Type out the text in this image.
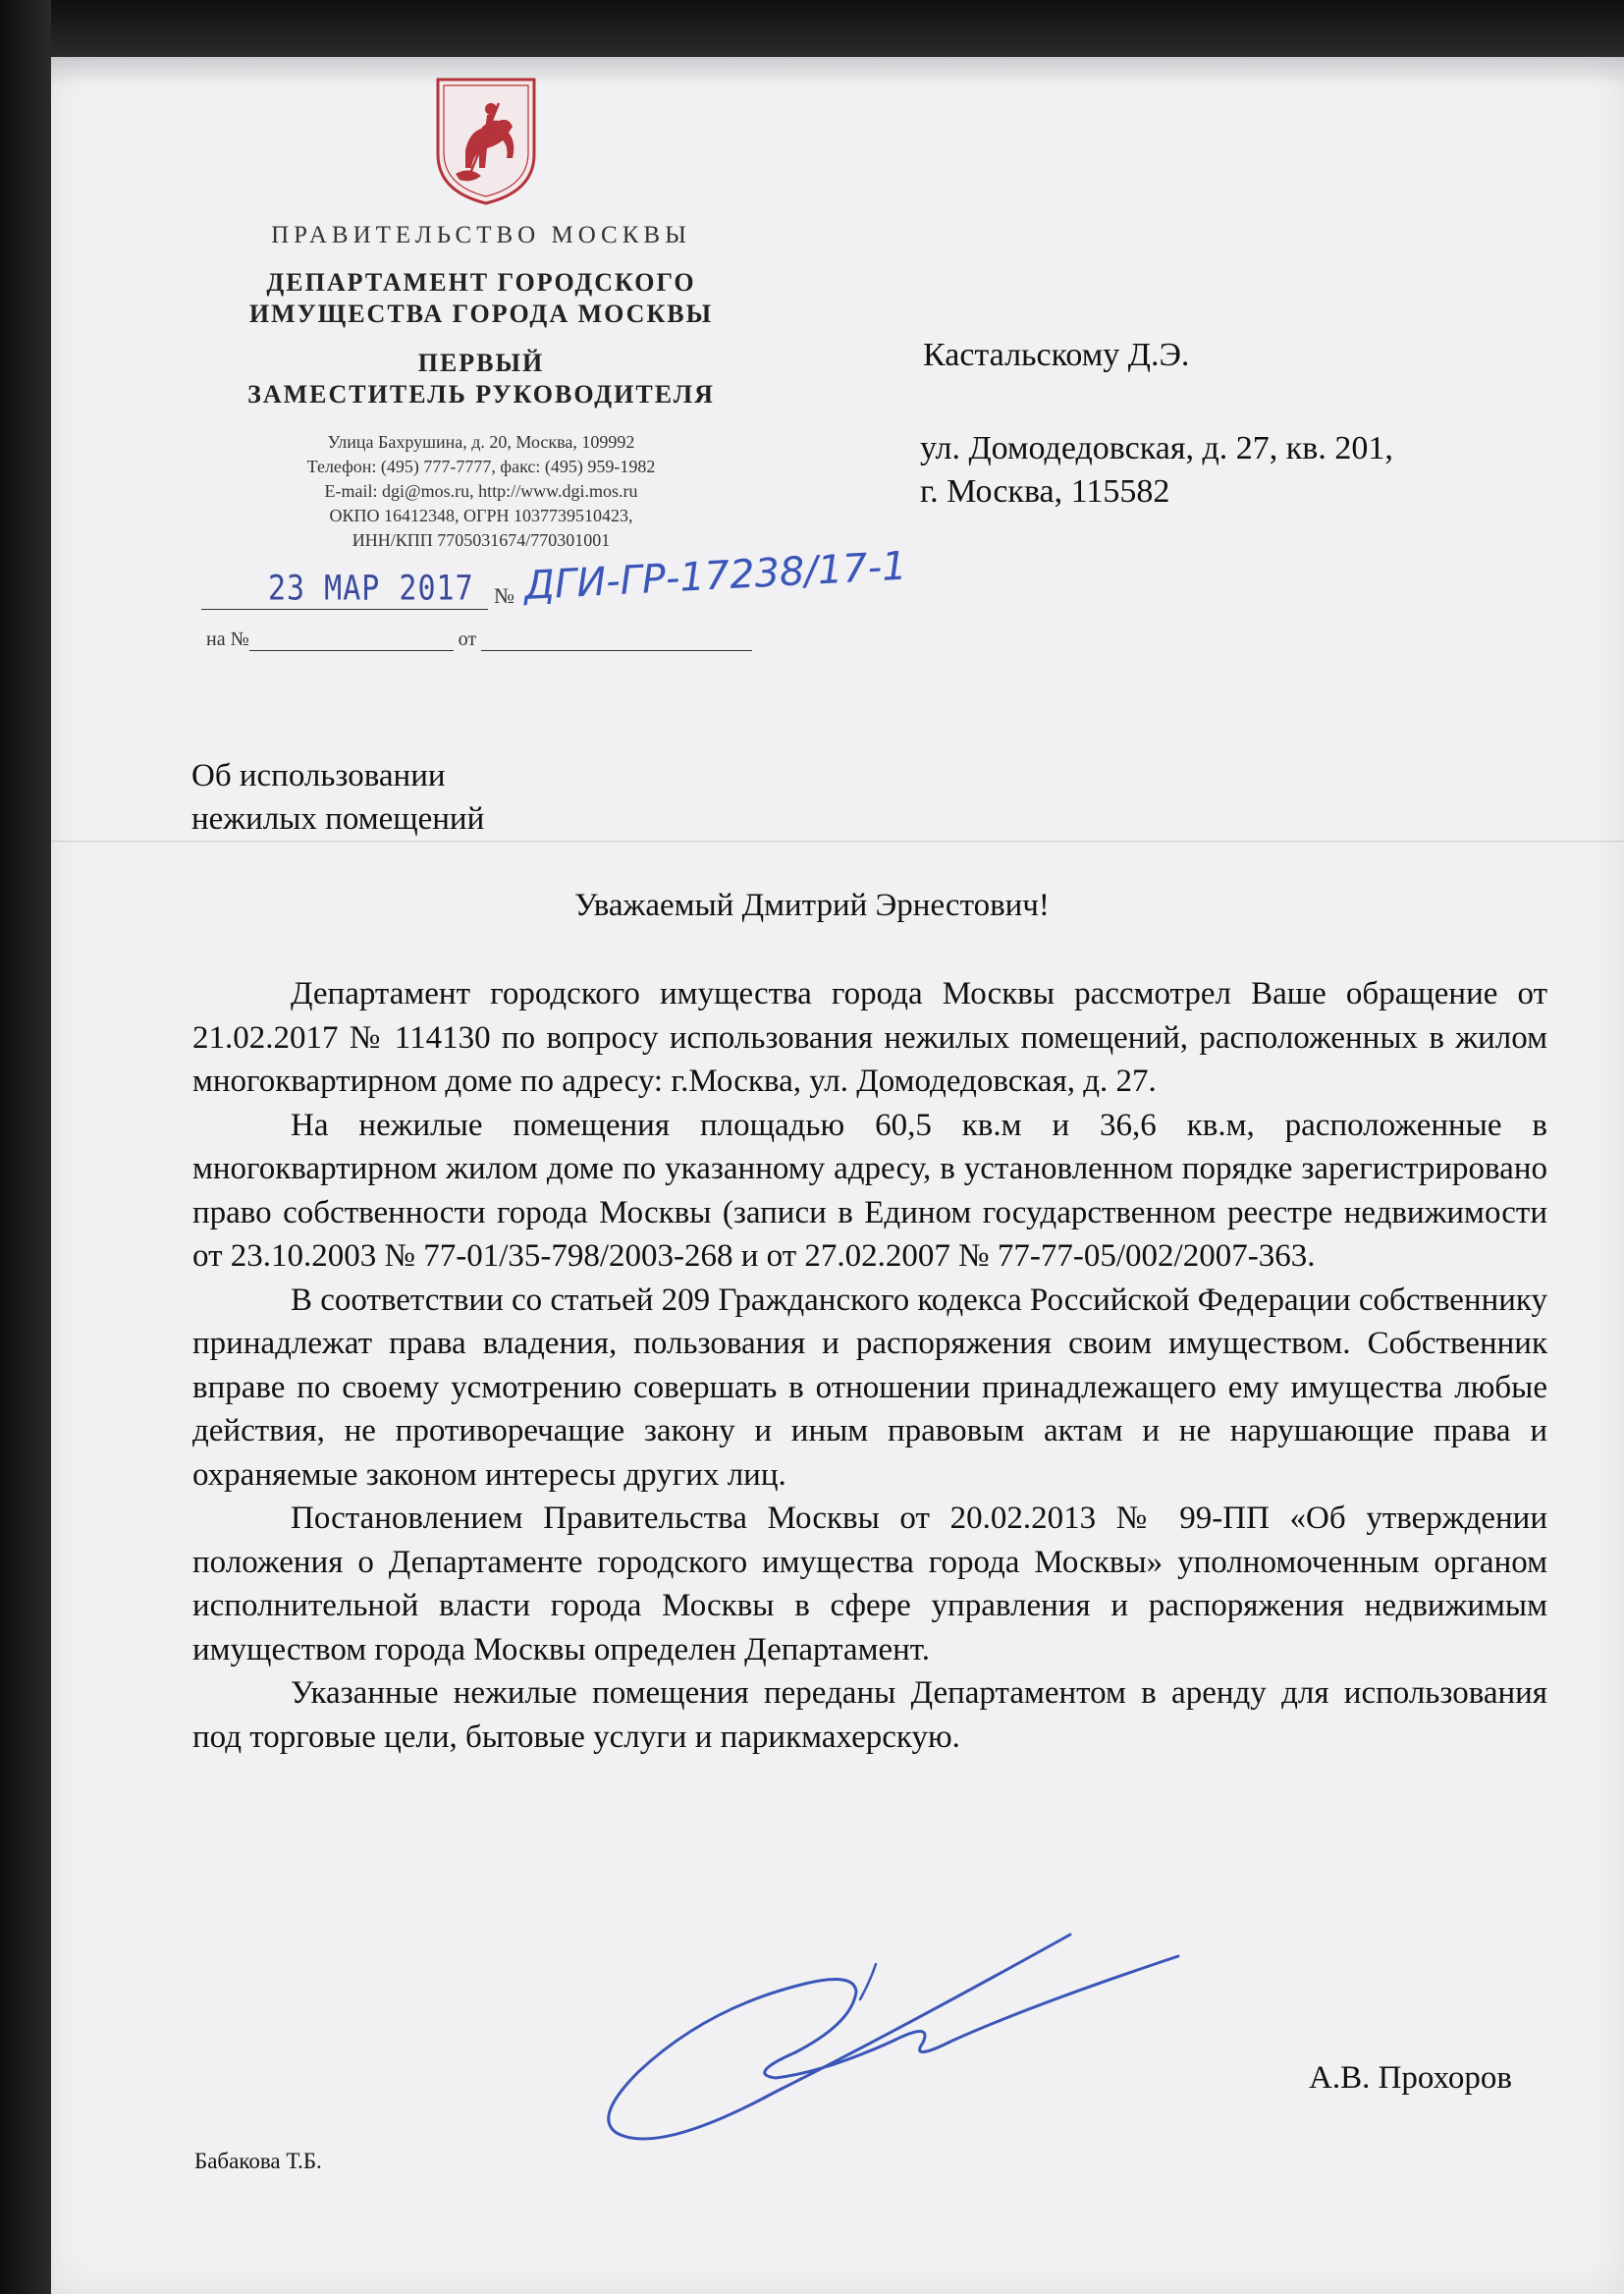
ПРАВИТЕЛЬСТВО МОСКВЫ
ДЕПАРТАМЕНТ ГОРОДСКОГО
ИМУЩЕСТВА ГОРОДА МОСКВЫ
ПЕРВЫЙ
ЗАМЕСТИТЕЛЬ РУКОВОДИТЕЛЯ
Улица Бахрушина, д. 20, Москва, 109992
Телефон: (495) 777-7777, факс: (495) 959-1982
E-mail: dgi@mos.ru, http://www.dgi.mos.ru
ОКПО 16412348, ОГРН 1037739510423,
ИНН/КПП 7705031674/770301001
23 МАР 2017 № ДГИ-ГР-17238/17-1
на №	от
Кастальскому Д.Э.
ул. Домодедовская, д. 27, кв. 201,
г. Москва, 115582
Об использовании
нежилых помещений
Уважаемый Дмитрий Эрнестович!

Департамент городского имущества города Москвы рассмотрел Ваше обращение от 21.02.2017 № 114130 по вопросу использования нежилых помещений, расположенных в жилом многоквартирном доме по адресу: г.Москва, ул. Домодедовская, д. 27.

На нежилые помещения площадью 60,5 кв.м и 36,6 кв.м, расположенные в многоквартирном жилом доме по указанному адресу, в установленном порядке зарегистрировано право собственности города Москвы (записи в Едином государственном реестре недвижимости от 23.10.2003 № 77-01/35-798/2003-268 и от 27.02.2007 № 77-77-05/002/2007-363.

В соответствии со статьей 209 Гражданского кодекса Российской Федерации собственнику принадлежат права владения, пользования и распоряжения своим имуществом. Собственник вправе по своему усмотрению совершать в отношении принадлежащего ему имущества любые действия, не противоречащие закону и иным правовым актам и не нарушающие права и охраняемые законом интересы других лиц.

Постановлением Правительства Москвы от 20.02.2013 № 99-ПП «Об утверждении положения о Департаменте городского имущества города Москвы» уполномоченным органом исполнительной власти города Москвы в сфере управления и распоряжения недвижимым имуществом города Москвы определен Департамент.

Указанные нежилые помещения переданы Департаментом в аренду для использования под торговые цели, бытовые услуги и парикмахерскую.

А.В. Прохоров
Бабакова Т.Б.
